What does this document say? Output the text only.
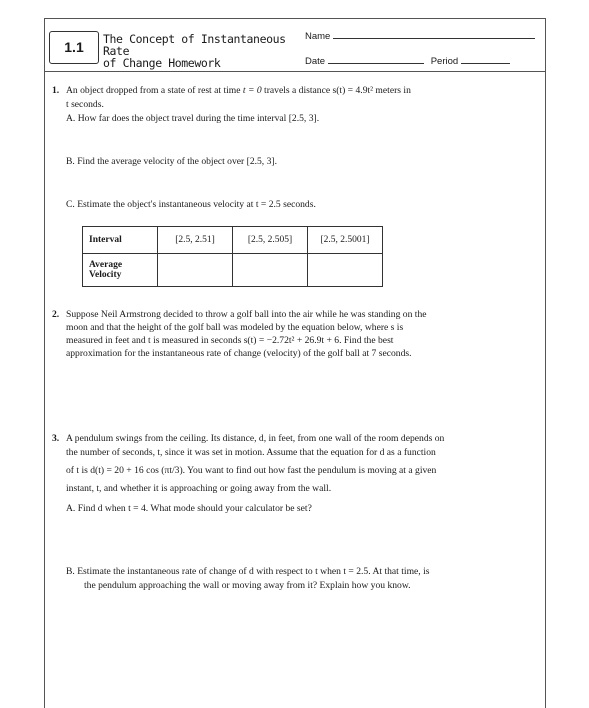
1.1	The Concept of Instantaneous Rate
of Change Homework
Name
Date	Period
1. An object dropped from a state of rest at time t = 0 travels a distance s(t) = 4.9t² meters in
t seconds.
A. How far does the object travel during the time interval [2.5, 3].
B. Find the average velocity of the object over [2.5, 3].
C. Estimate the object's instantaneous velocity at t = 2.5 seconds.
Interval	[2.5, 2.51]	[2.5, 2.505]	[2.5, 2.5001]

Average
Velocity			

2. Suppose Neil Armstrong decided to throw a golf ball into the air while he was standing on the
moon and that the height of the golf ball was modeled by the equation below, where s is
measured in feet and t is measured in seconds s(t) = −2.72t² + 26.9t + 6. Find the best
approximation for the instantaneous rate of change (velocity) of the golf ball at 7 seconds.
3. A pendulum swings from the ceiling. Its distance, d, in feet, from one wall of the room depends on
the number of seconds, t, since it was set in motion. Assume that the equation for d as a function
of t is d(t) = 20 + 16 cos (πt/3). You want to find out how fast the pendulum is moving at a given
instant, t, and whether it is approaching or going away from the wall.
A. Find d when t = 4. What mode should your calculator be set?
B. Estimate the instantaneous rate of change of d with respect to t when t = 2.5. At that time, is
the pendulum approaching the wall or moving away from it? Explain how you know.
